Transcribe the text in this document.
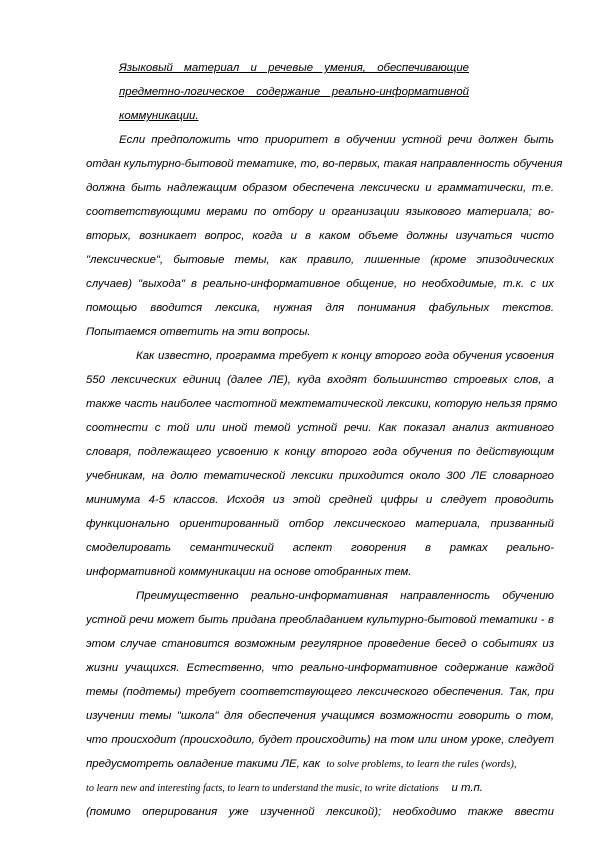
Языковый материал и речевые умения, обеспечивающие
предметно-логическое содержание реально-информативной
коммуникации.
Если предположить что приоритет в обучении устной речи должен быть
отдан культурно-бытовой тематике, то, во-первых, такая направленность обучения
должна быть надлежащим образом обеспечена лексически и грамматически, т.е.
соответствующими мерами по отбору и организации языкового материала; во-
вторых, возникает вопрос, когда и в каком объеме должны изучаться чисто
"лексические", бытовые темы, как правило, лишенные (кроме эпизодических
случаев) "выхода" в реально-информативное общение, но необходимые, т.к. с их
помощью вводится лексика, нужная для понимания фабульных текстов.
Попытаемся ответить на эти вопросы.
Как известно, программа требует к концу второго года обучения усвоения
550 лексических единиц (далее ЛЕ), куда входят большинство строевых слов, а
также часть наиболее частотной межтематической лексики, которую нельзя прямо
соотнести с той или иной темой устной речи. Как показал анализ активного
словаря, подлежащего усвоению к концу второго года обучения по действующим
учебникам, на долю тематической лексики приходится около 300 ЛЕ словарного
минимума 4-5 классов. Исходя из этой средней цифры и следует проводить
функционально ориентированный отбор лексического материала, призванный
смоделировать семантический аспект говорения в рамках реально-
информативной коммуникации на основе отобранных тем.
Преимущественно реально-информативная направленность обучению
устной речи может быть придана преобладанием культурно-бытовой тематики - в
этом случае становится возможным регулярное проведение бесед о событиях из
жизни учащихся. Естественно, что реально-информативное содержание каждой
темы (подтемы) требует соответствующего лексического обеспечения. Так, при
изучении темы "школа" для обеспечения учащимся возможности говорить о том,
что происходит (происходило, будет происходить) на том или ином уроке, следует
предусмотреть овладение такими ЛЕ, как to solve problems, to learn the rules (words),
to learn new and interesting facts, to learn to understand the music, to write dictations и т.п.
(помимо оперирования уже изученной лексикой); необходимо также ввести
